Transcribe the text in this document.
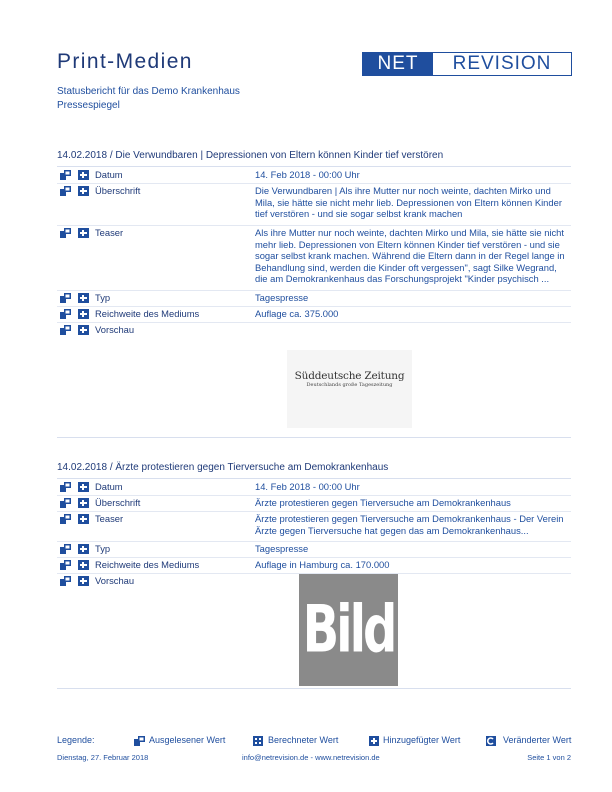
Print-Medien	NET	REVISION
Statusbericht für das Demo Krankenhaus
Pressespiegel
14.02.2018 / Die Verwundbaren | Depressionen von Eltern können Kinder tief verstören
Datum	14. Feb 2018 - 00:00 Uhr
Überschrift	Die Verwundbaren | Als ihre Mutter nur noch weinte, dachten Mirko und Mila, sie hätte sie nicht mehr lieb. Depressionen von Eltern können Kinder tief verstören - und sie sogar selbst krank machen
Teaser	Als ihre Mutter nur noch weinte, dachten Mirko und Mila, sie hätte sie nicht mehr lieb. Depressionen von Eltern können Kinder tief verstören - und sie sogar selbst krank machen. Während die Eltern dann in der Regel lange in Behandlung sind, werden die Kinder oft vergessen", sagt Silke Wegrand, die am Demokrankenhaus das Forschungsprojekt "Kinder psychisch ...
Typ	Tagespresse
Reichweite des Mediums	Auflage ca. 375.000
Vorschau
Süddeutsche Zeitung
Deutschlands große Tageszeitung
14.02.2018 / Ärzte protestieren gegen Tierversuche am Demokrankenhaus
Datum	14. Feb 2018 - 00:00 Uhr
Überschrift	Ärzte protestieren gegen Tierversuche am Demokrankenhaus
Teaser	Ärzte protestieren gegen Tierversuche am Demokrankenhaus - Der Verein Ärzte gegen Tierversuche hat gegen das am Demokrankenhaus...
Typ	Tagespresse
Reichweite des Mediums	Auflage in Hamburg ca. 170.000
Vorschau
Bild
Legende:	Ausgelesener Wert	Berechneter Wert	Hinzugefügter Wert	Veränderter Wert
Dienstag, 27. Februar 2018	info@netrevision.de - www.netrevision.de	Seite 1 von 2
